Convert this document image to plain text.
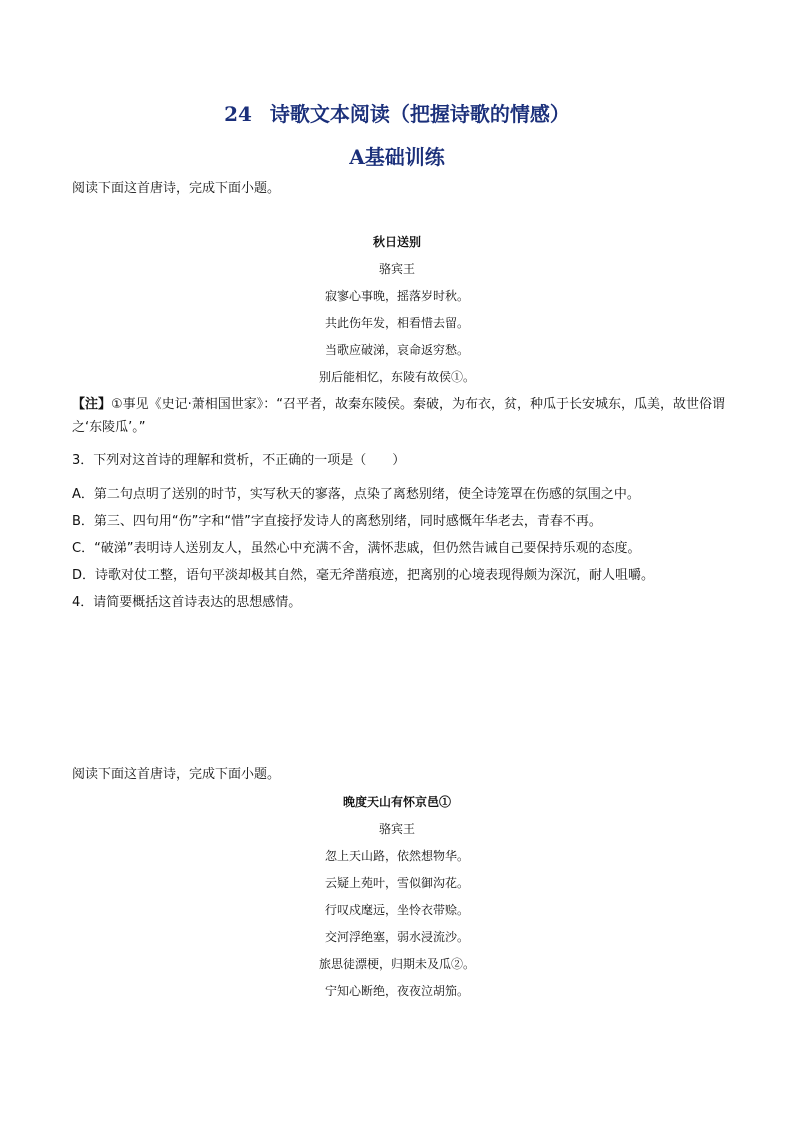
24 诗歌文本阅读（把握诗歌的情感）
A基础训练
阅读下面这首唐诗，完成下面小题。
秋日送别
骆宾王
寂寥心事晚，摇落岁时秋。
共此伤年发，相看惜去留。
当歌应破涕，哀命返穷愁。
别后能相忆，东陵有故侯①。
【注】①事见《史记·萧相国世家》：“召平者，故秦东陵侯。秦破，为布衣，贫，种瓜于长安城东，瓜美，故世俗谓之‘东陵瓜’。”
3．下列对这首诗的理解和赏析，不正确的一项是（　　）
A．第二句点明了送别的时节，实写秋天的寥落，点染了离愁别绪，使全诗笼罩在伤感的氛围之中。
B．第三、四句用“伤”字和“惜”字直接抒发诗人的离愁别绪，同时感慨年华老去，青春不再。
C．“破涕”表明诗人送别友人，虽然心中充满不舍，满怀悲戚，但仍然告诫自己要保持乐观的态度。
D．诗歌对仗工整，语句平淡却极其自然，毫无斧凿痕迹，把离别的心境表现得颇为深沉，耐人咀嚼。
4．请简要概括这首诗表达的思想感情。
阅读下面这首唐诗，完成下面小题。
晚度天山有怀京邑①
骆宾王
忽上天山路，依然想物华。
云疑上苑叶，雪似御沟花。
行叹戍麾远，坐怜衣带赊。
交河浮绝塞，弱水浸流沙。
旅思徒漂梗，归期未及瓜②。
宁知心断绝，夜夜泣胡笳。
